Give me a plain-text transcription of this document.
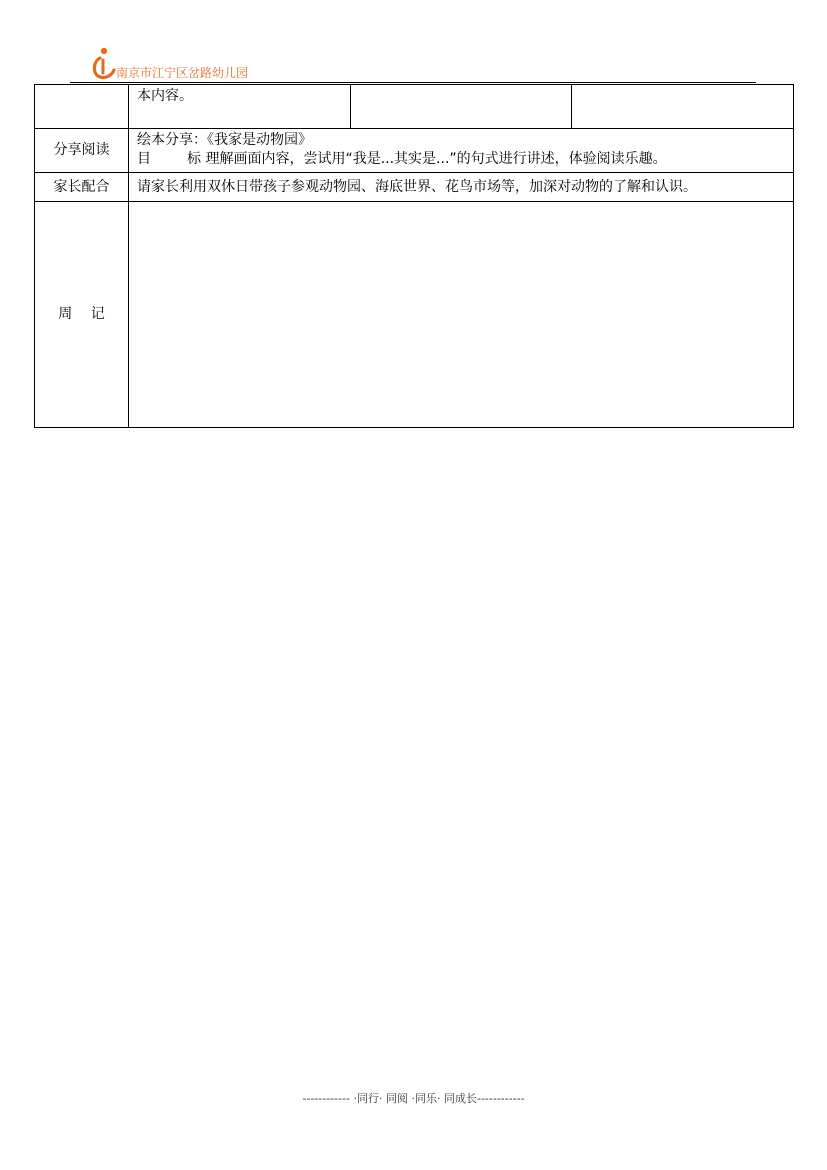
南京市江宁区岔路幼儿园

	本内容。		

分享阅读	绘本分享：《我家是动物园》
目 标 理解画面内容，尝试用“我是...其实是...”的句式进行讲述，体验阅读乐趣。		

家长配合	请家长利用双休日带孩子参观动物园、海底世界、花鸟市场等，加深对动物的了解和认识。		

周　 记			
------------ ·同行· 同阅 ·同乐· 同成长------------
